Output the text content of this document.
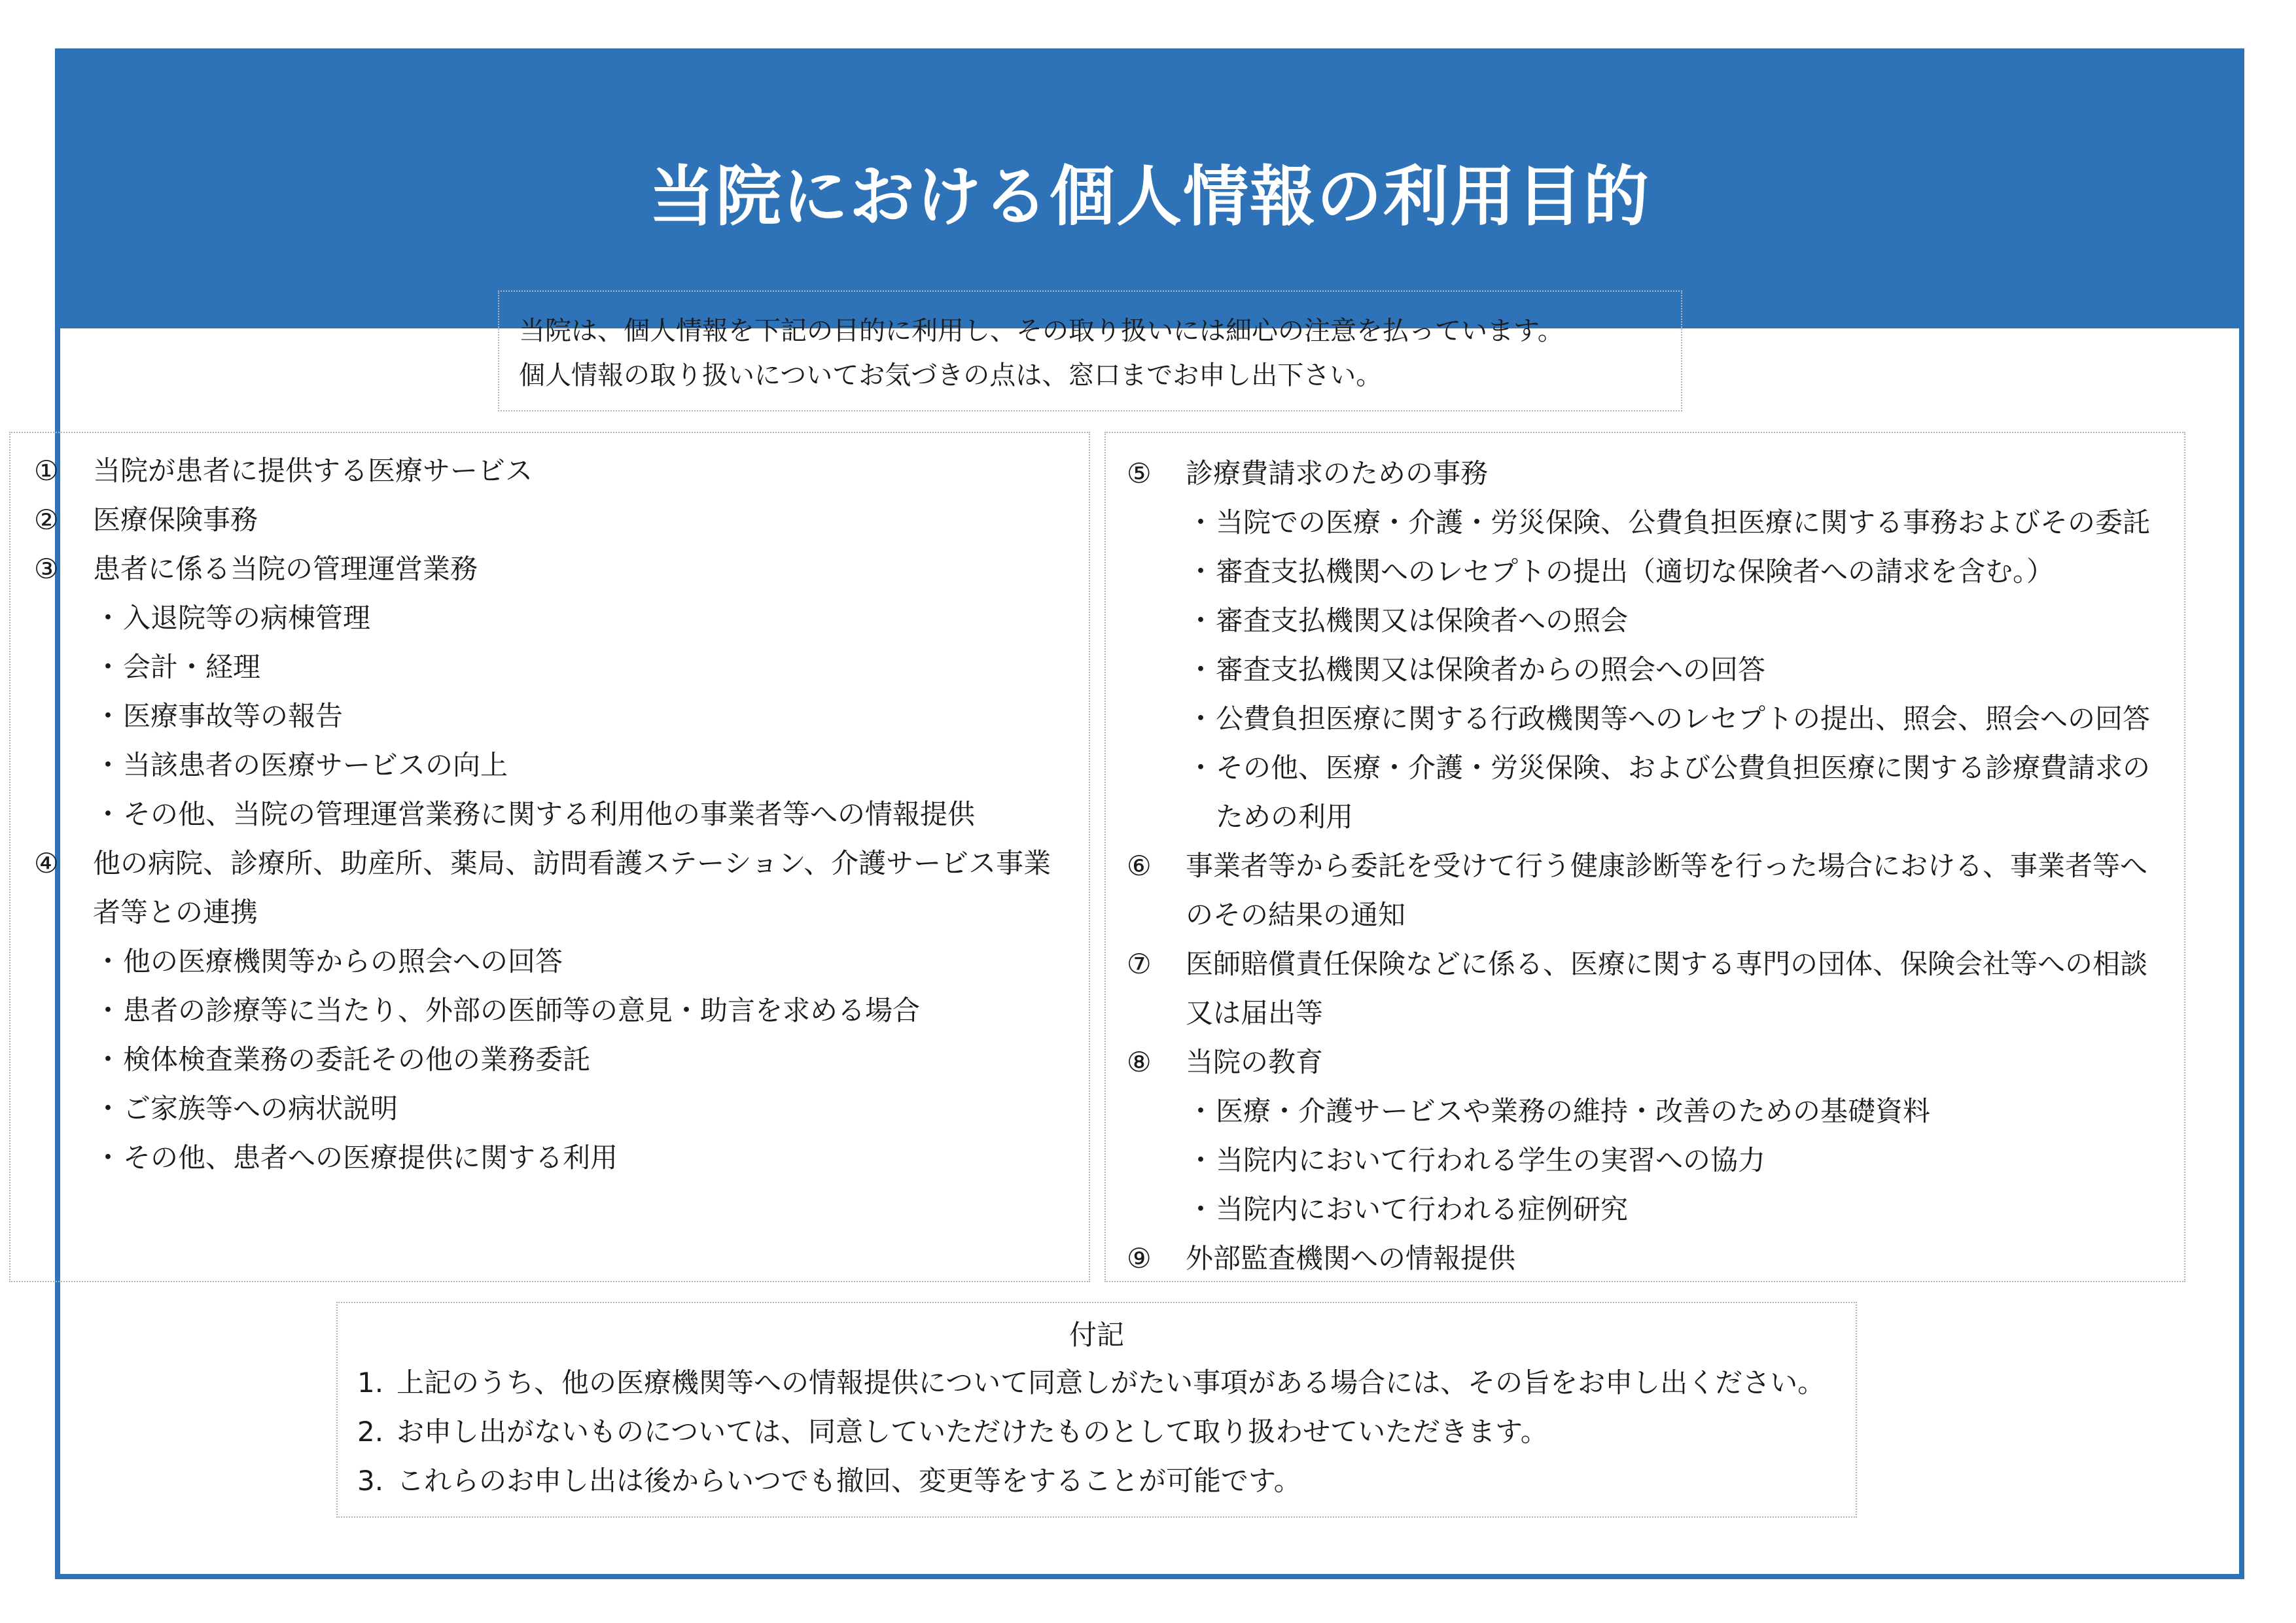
当院における個人情報の利用目的
当院は、個人情報を下記の目的に利用し、その取り扱いには細心の注意を払っています。
個人情報の取り扱いについてお気づきの点は、窓口までお申し出下さい。
①	当院が患者に提供する医療サービス
②	医療保険事務
③	患者に係る当院の管理運営業務
・ 入退院等の病棟管理
・ 会計・経理
・ 医療事故等の報告
・ 当該患者の医療サービスの向上
・ その他、当院の管理運営業務に関する利用他の事業者等への情報提供
④	他の病院、診療所、助産所、薬局、訪問看護ステーション、介護サービス事業者等との連携
・ 他の医療機関等からの照会への回答
・ 患者の診療等に当たり、外部の医師等の意見・助言を求める場合
・ 検体検査業務の委託その他の業務委託
・ ご家族等への病状説明
・ その他、患者への医療提供に関する利用
⑤	診療費請求のための事務
・ 当院での医療・介護・労災保険、公費負担医療に関する事務およびその委託
・ 審査支払機関へのレセプトの提出（適切な保険者への請求を含む。）
・ 審査支払機関又は保険者への照会
・ 審査支払機関又は保険者からの照会への回答
・ 公費負担医療に関する行政機関等へのレセプトの提出、照会、照会への回答
・ その他、医療・介護・労災保険、および公費負担医療に関する診療費請求のための利用
⑥	事業者等から委託を受けて行う健康診断等を行った場合における、事業者等へのその結果の通知
⑦	医師賠償責任保険などに係る、医療に関する専門の団体、保険会社等への相談又は届出等
⑧	当院の教育
・ 医療・介護サービスや業務の維持・改善のための基礎資料
・ 当院内において行われる学生の実習への協力
・ 当院内において行われる症例研究
⑨	外部監査機関への情報提供
付記
1. 上記のうち、他の医療機関等への情報提供について同意しがたい事項がある場合には、その旨をお申し出ください。
2. お申し出がないものについては、同意していただけたものとして取り扱わせていただきます。
3. これらのお申し出は後からいつでも撤回、変更等をすることが可能です。
